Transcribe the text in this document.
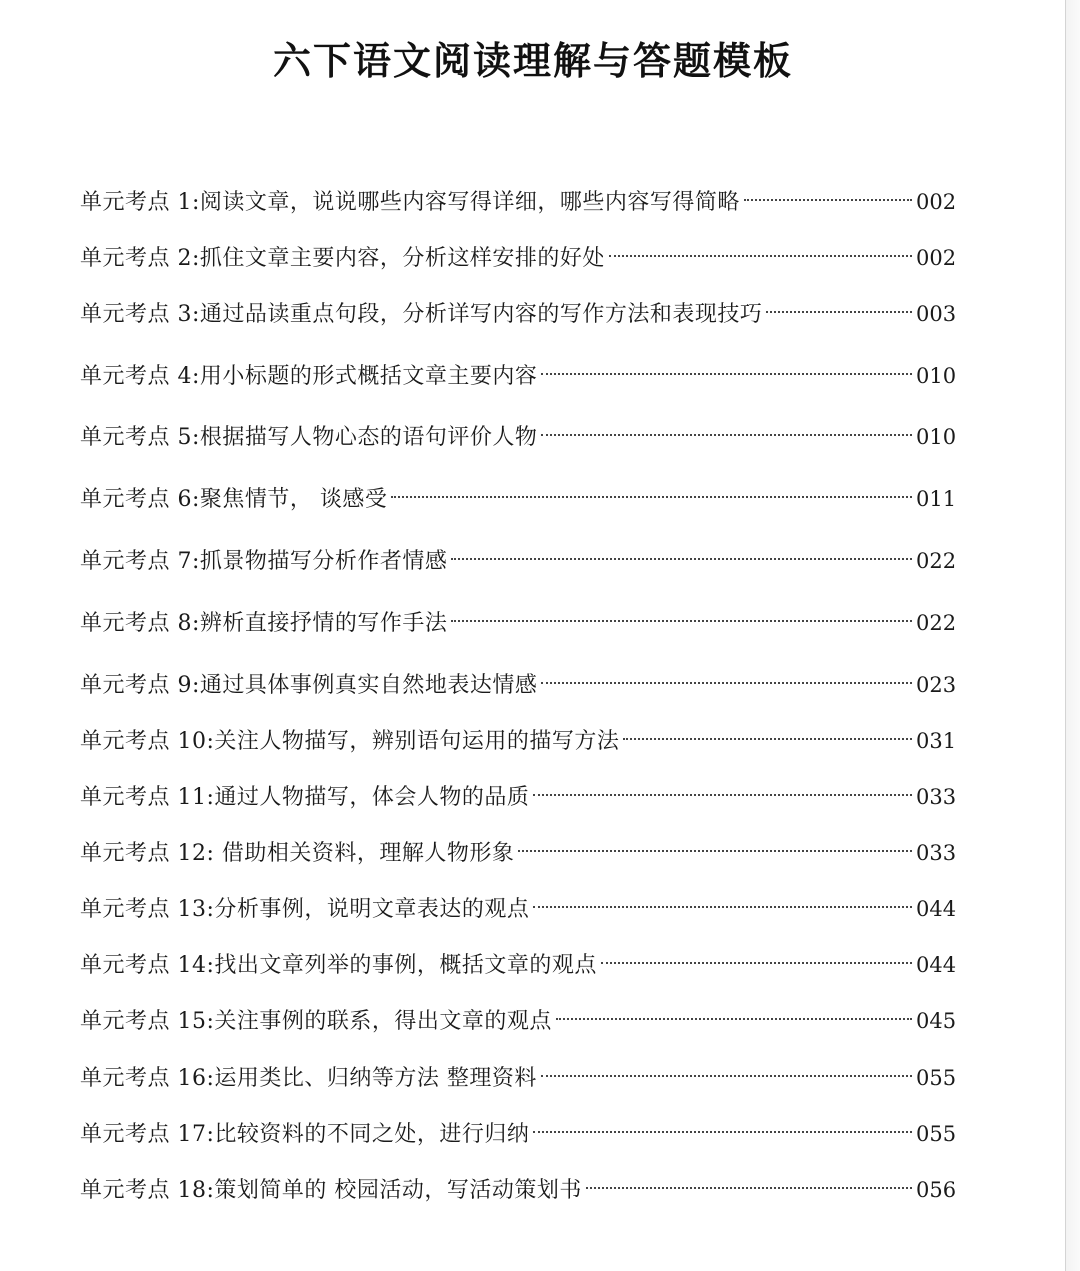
六下语文阅读理解与答题模板
单元考点 1:阅读文章，说说哪些内容写得详细，哪些内容写得简略	002
单元考点 2:抓住文章主要内容，分析这样安排的好处	002
单元考点 3:通过品读重点句段，分析详写内容的写作方法和表现技巧	003
单元考点 4:用小标题的形式概括文章主要内容	010
单元考点 5:根据描写人物心态的语句评价人物	010
单元考点 6:聚焦情节， 谈感受	011
单元考点 7:抓景物描写分析作者情感	022
单元考点 8:辨析直接抒情的写作手法	022
单元考点 9:通过具体事例真实自然地表达情感	023
单元考点 10:关注人物描写，辨别语句运用的描写方法	031
单元考点 11:通过人物描写，体会人物的品质	033
单元考点 12: 借助相关资料，理解人物形象	033
单元考点 13:分析事例，说明文章表达的观点	044
单元考点 14:找出文章列举的事例，概括文章的观点	044
单元考点 15:关注事例的联系，得出文章的观点	045
单元考点 16:运用类比、归纳等方法 整理资料	055
单元考点 17:比较资料的不同之处，进行归纳	055
单元考点 18:策划简单的 校园活动，写活动策划书	056
